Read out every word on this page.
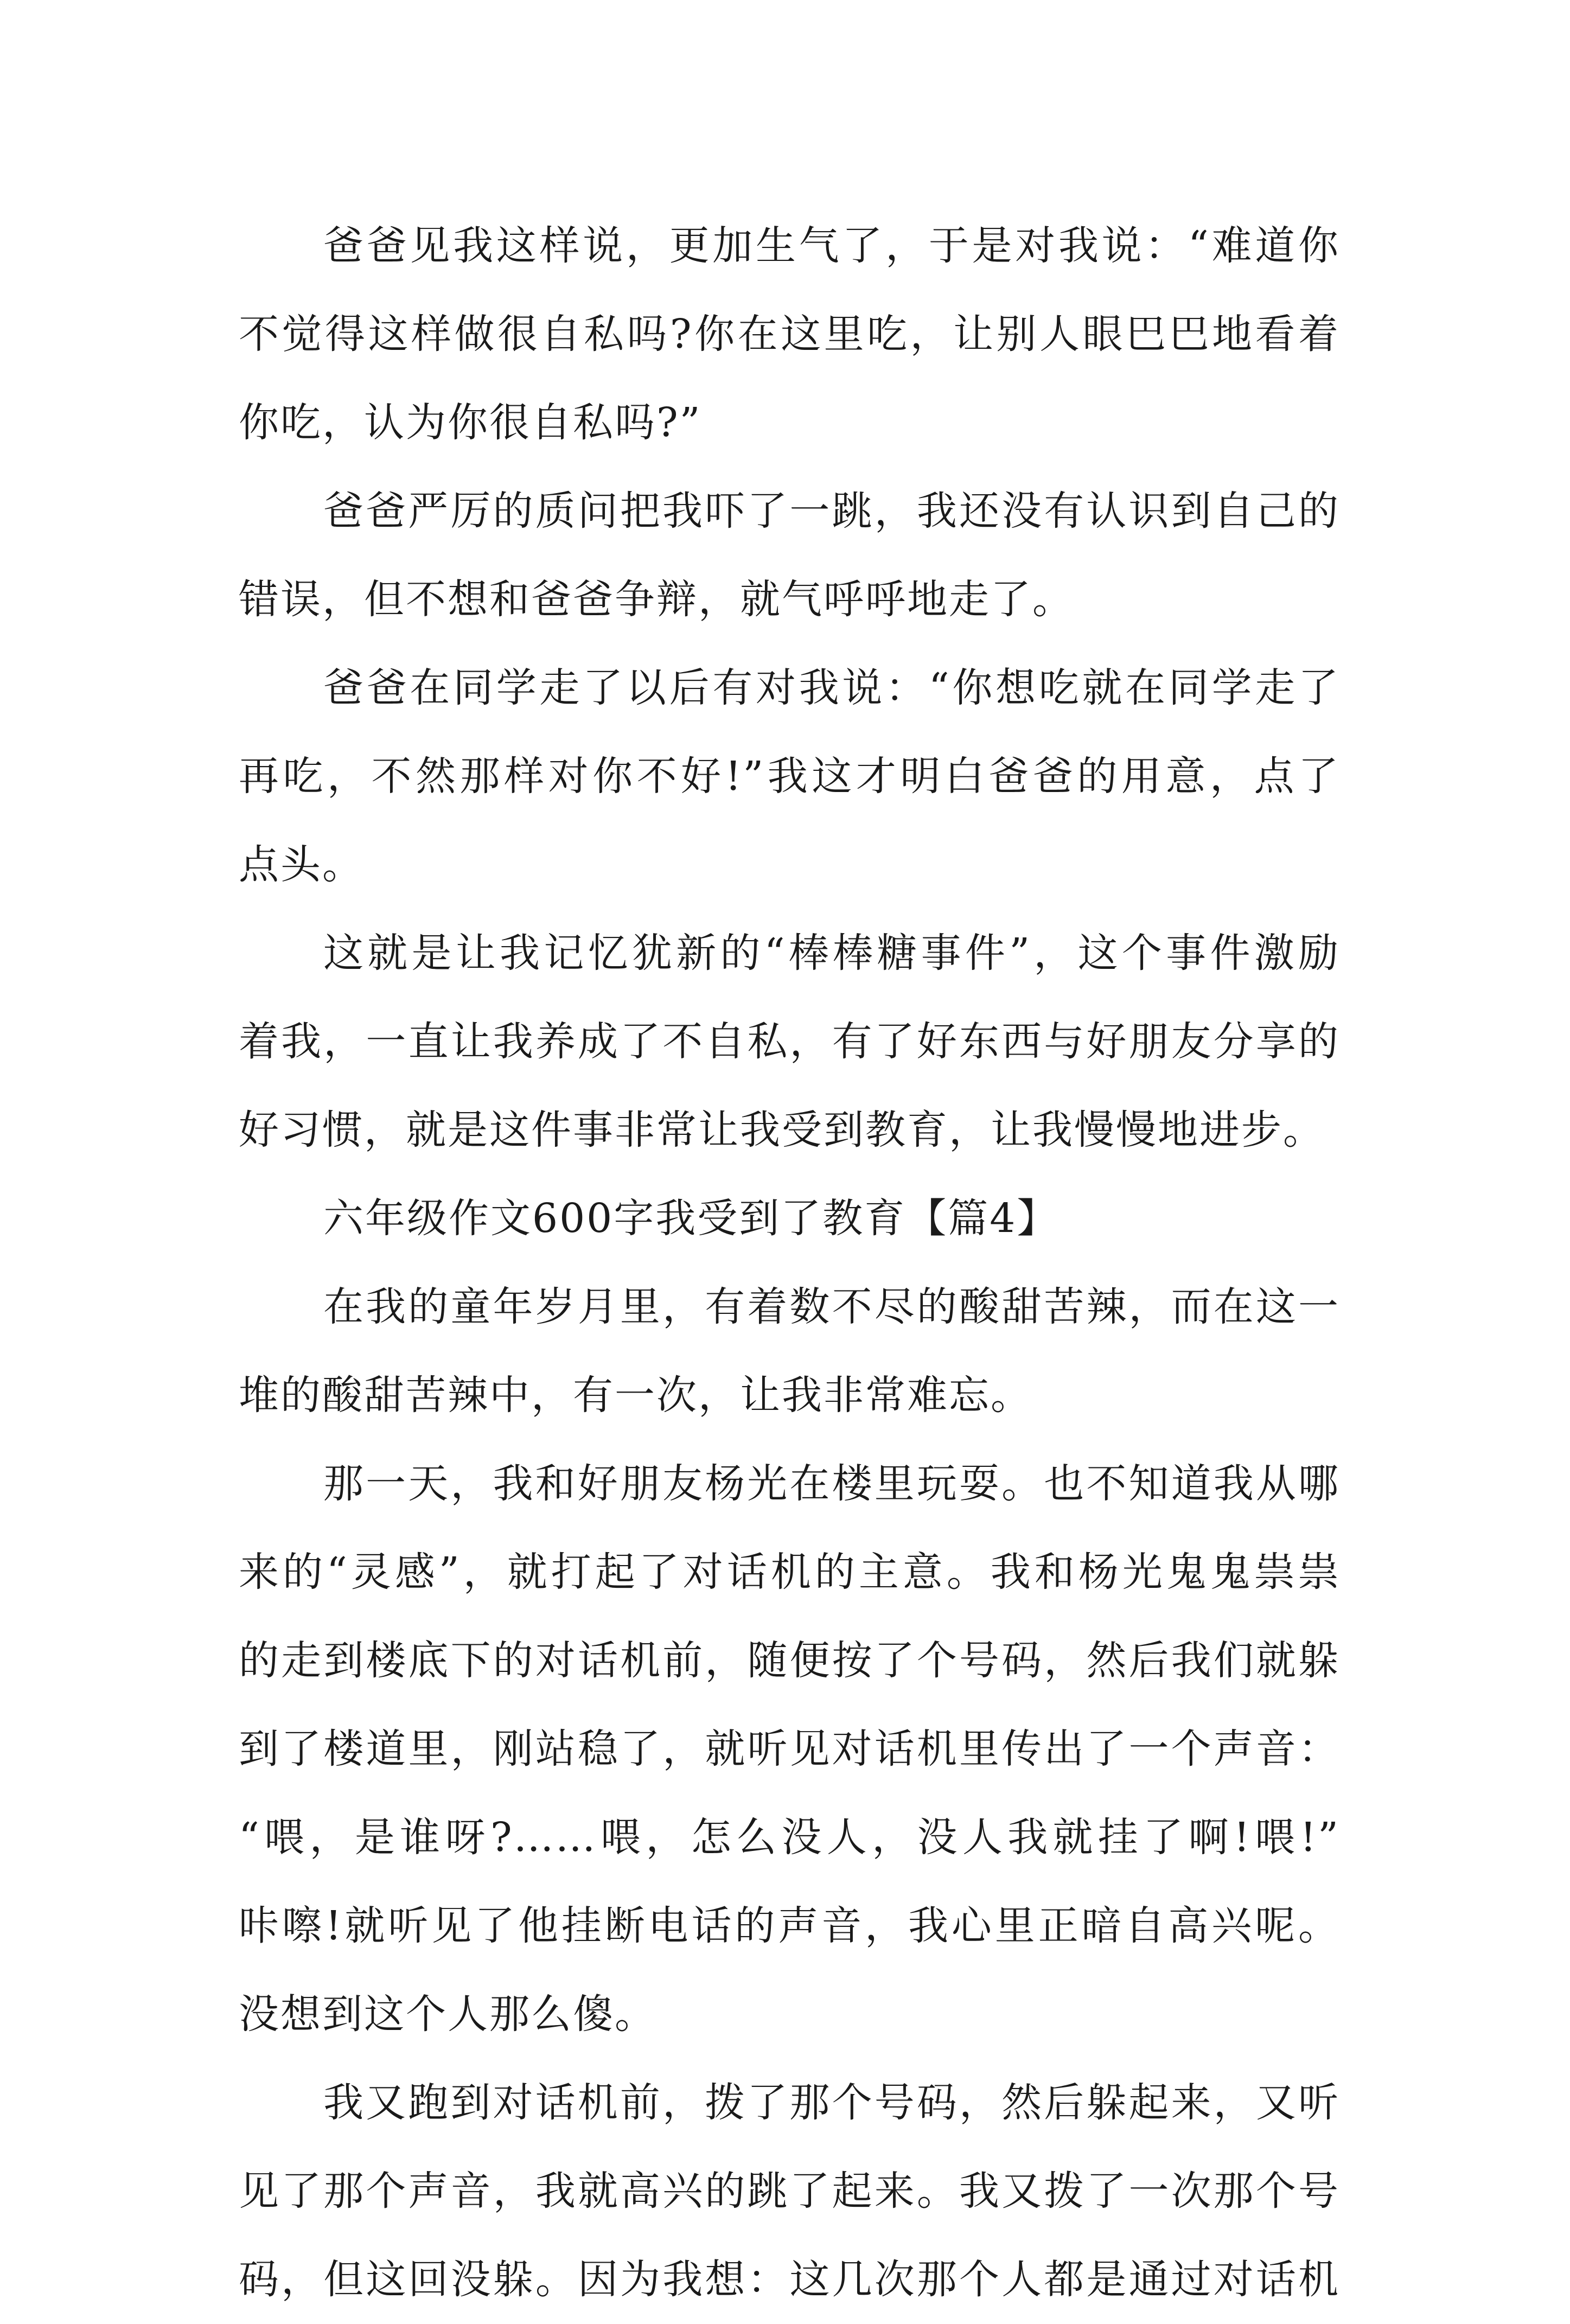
爸爸见我这样说，更加生气了，于是对我说：“难道你
不觉得这样做很自私吗?你在这里吃，让别人眼巴巴地看着
你吃，认为你很自私吗?”
爸爸严厉的质问把我吓了一跳，我还没有认识到自己的
错误，但不想和爸爸争辩，就气呼呼地走了。
爸爸在同学走了以后有对我说：“你想吃就在同学走了
再吃，不然那样对你不好!”我这才明白爸爸的用意，点了
点头。
这就是让我记忆犹新的“棒棒糖事件”，这个事件激励
着我，一直让我养成了不自私，有了好东西与好朋友分享的
好习惯，就是这件事非常让我受到教育，让我慢慢地进步。
六年级作文600字我受到了教育【篇4】
在我的童年岁月里，有着数不尽的酸甜苦辣，而在这一
堆的酸甜苦辣中，有一次，让我非常难忘。
那一天，我和好朋友杨光在楼里玩耍。也不知道我从哪
来的“灵感”，就打起了对话机的主意。我和杨光鬼鬼祟祟
的走到楼底下的对话机前，随便按了个号码，然后我们就躲
到了楼道里，刚站稳了，就听见对话机里传出了一个声音：
“喂，是谁呀?……喂，怎么没人，没人我就挂了啊!喂!”
咔嚓!就听见了他挂断电话的声音，我心里正暗自高兴呢。
没想到这个人那么傻。
我又跑到对话机前，拨了那个号码，然后躲起来，又听
见了那个声音，我就高兴的跳了起来。我又拨了一次那个号
码，但这回没躲。因为我想：这几次那个人都是通过对话机
